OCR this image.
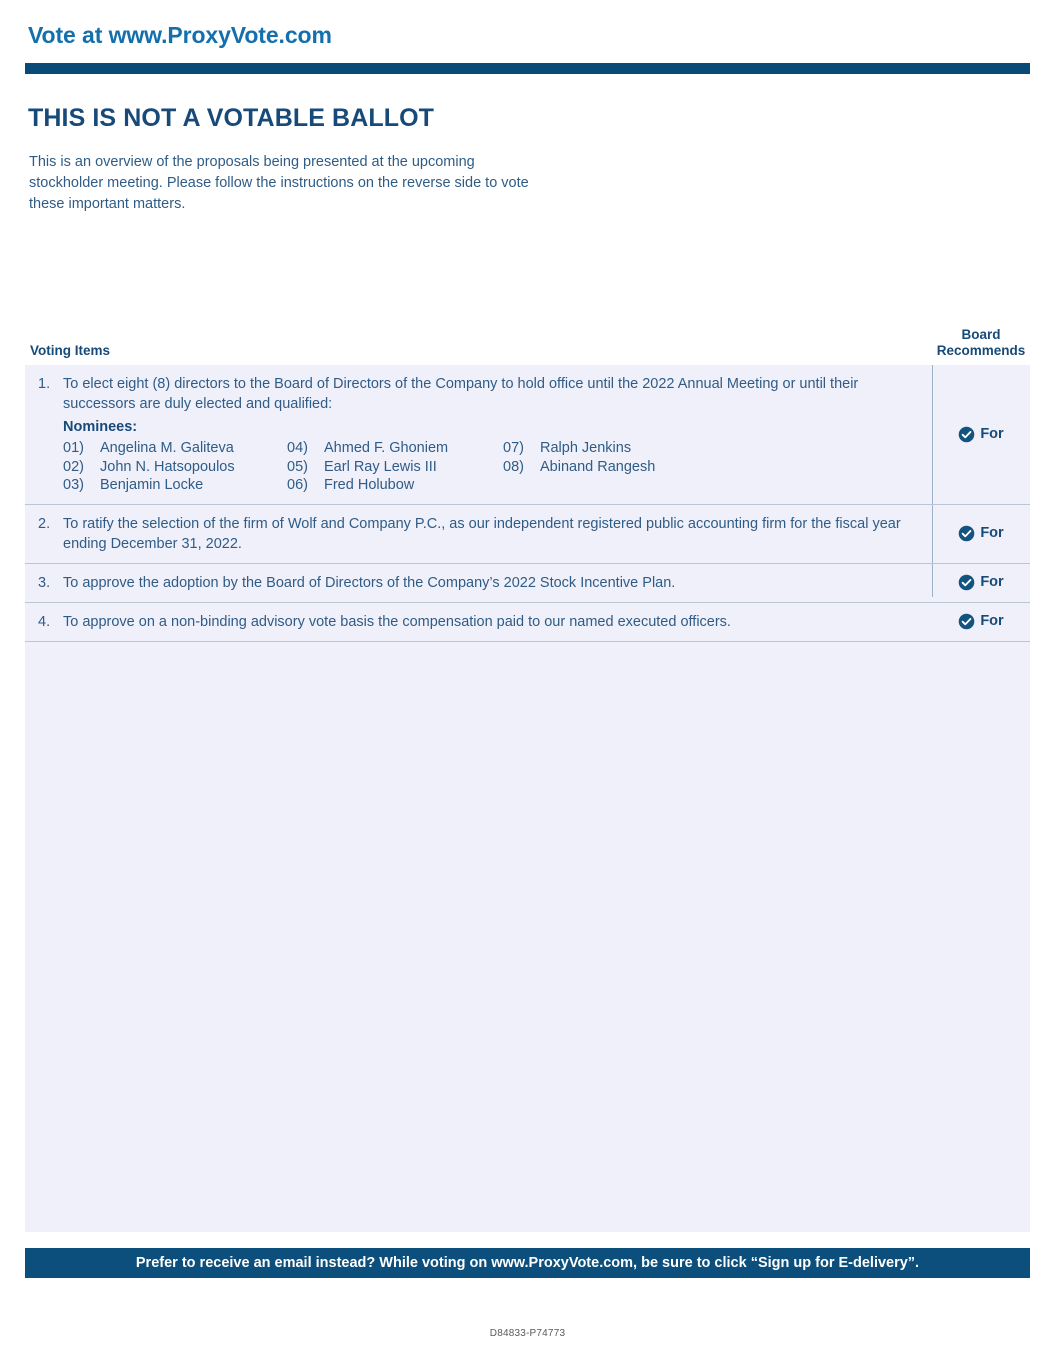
Vote at www.ProxyVote.com
THIS IS NOT A VOTABLE BALLOT
This is an overview of the proposals being presented at the upcoming stockholder meeting. Please follow the instructions on the reverse side to vote these important matters.
Voting Items
Board
Recommends
1. To elect eight (8) directors to the Board of Directors of the Company to hold office until the 2022 Annual Meeting or until their successors are duly elected and qualified:
Nominees:
01)	Angelina M. Galiteva
02)	John N. Hatsopoulos
03)	Benjamin Locke
04)	Ahmed F. Ghoniem
05)	Earl Ray Lewis III
06)	Fred Holubow
07)	Ralph Jenkins
08)	Abinand Rangesh
For
2. To ratify the selection of the firm of Wolf and Company P.C., as our independent registered public accounting firm for the fiscal year ending December 31, 2022.
For
3. To approve the adoption by the Board of Directors of the Company’s 2022 Stock Incentive Plan.	For
4. To approve on a non-binding advisory vote basis the compensation paid to our named executed officers.	For
Prefer to receive an email instead? While voting on www.ProxyVote.com, be sure to click “Sign up for E-delivery”.
D84833-P74773
